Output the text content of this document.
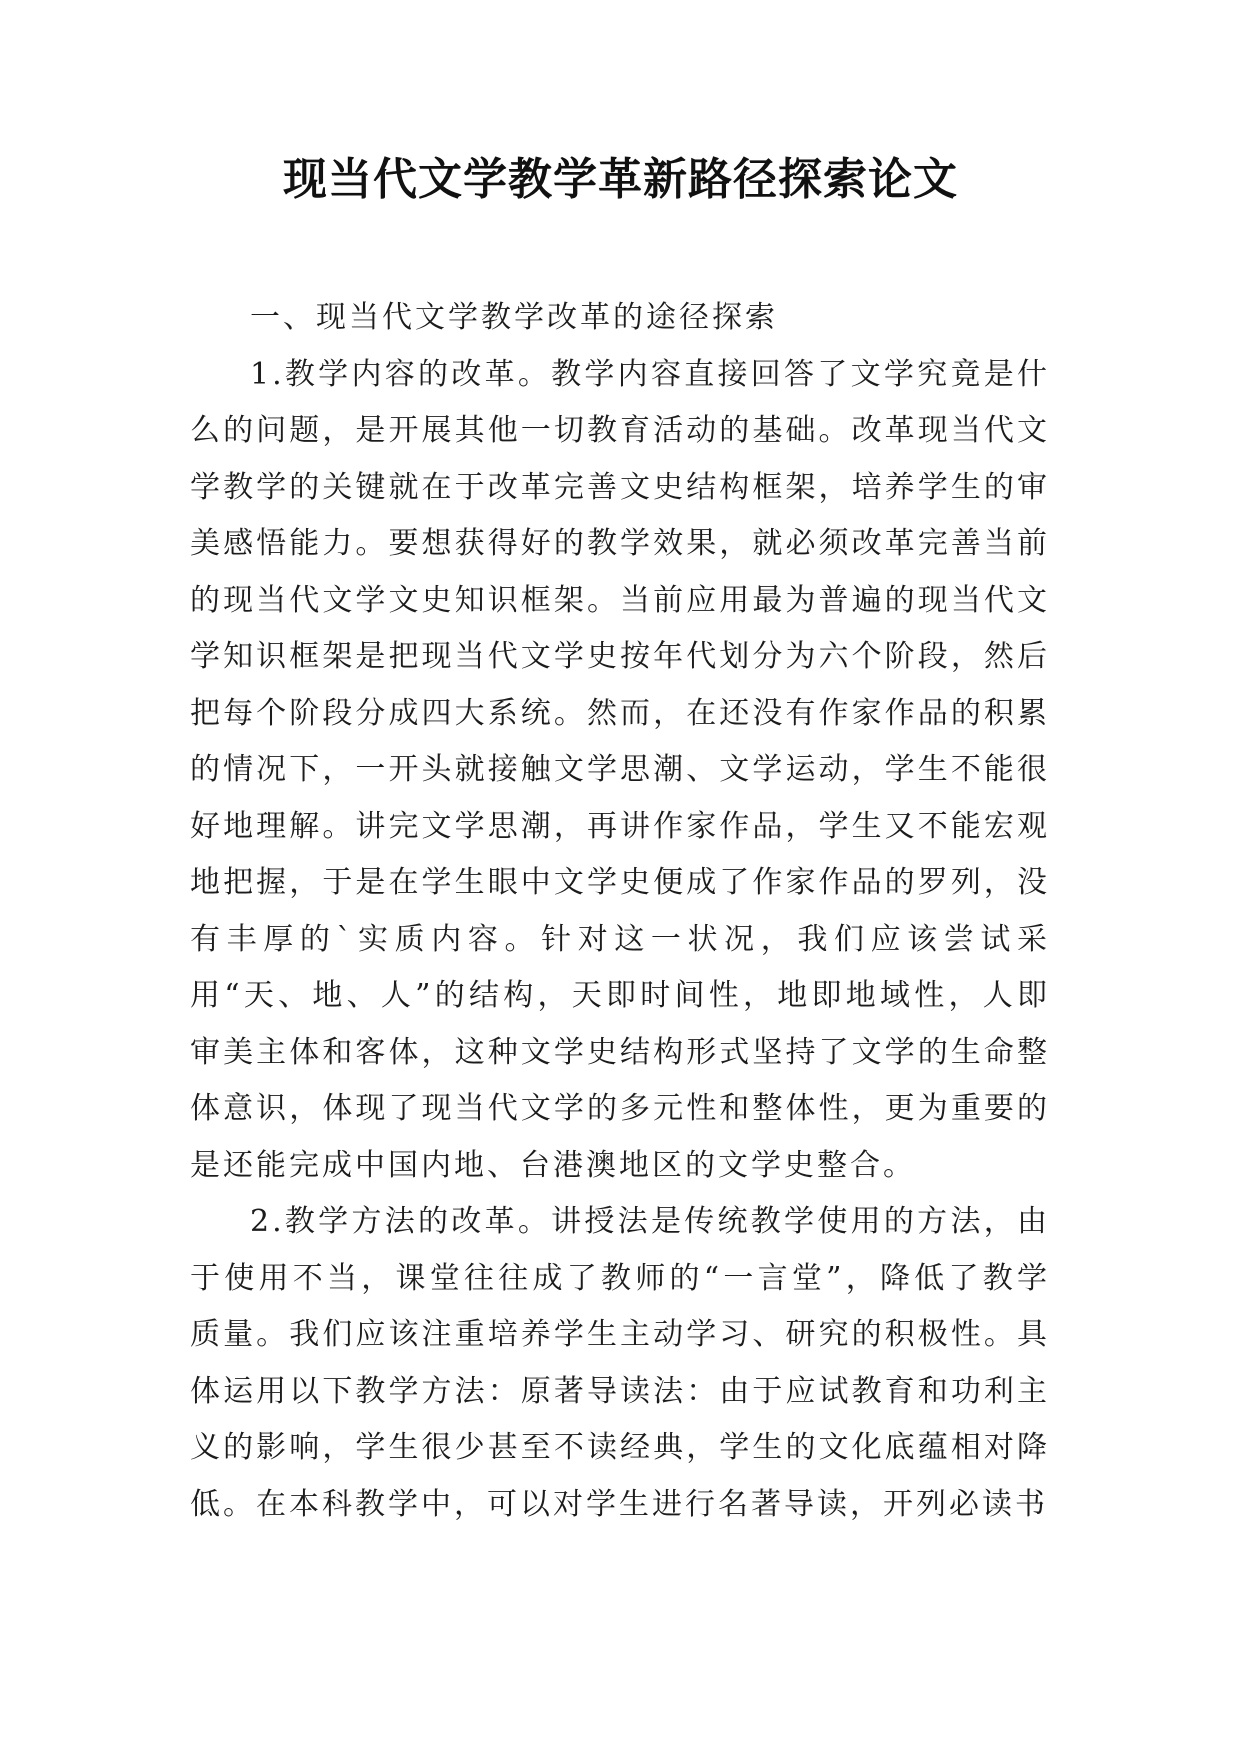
现当代文学教学革新路径探索论文

一、现当代文学教学改革的途径探索

1.教学内容的改革。教学内容直接回答了文学究竟是什么的问题，是开展其他一切教育活动的基础。改革现当代文学教学的关键就在于改革完善文史结构框架，培养学生的审美感悟能力。要想获得好的教学效果，就必须改革完善当前的现当代文学文史知识框架。当前应用最为普遍的现当代文学知识框架是把现当代文学史按年代划分为六个阶段，然后把每个阶段分成四大系统。然而，在还没有作家作品的积累的情况下，一开头就接触文学思潮、文学运动，学生不能很好地理解。讲完文学思潮，再讲作家作品，学生又不能宏观地把握，于是在学生眼中文学史便成了作家作品的罗列，没有丰厚的`实质内容。针对这一状况，我们应该尝试采用“天、地、人”的结构，天即时间性，地即地域性，人即审美主体和客体，这种文学史结构形式坚持了文学的生命整体意识，体现了现当代文学的多元性和整体性，更为重要的是还能完成中国内地、台港澳地区的文学史整合。

2.教学方法的改革。讲授法是传统教学使用的方法，由于使用不当，课堂往往成了教师的“一言堂”，降低了教学质量。我们应该注重培养学生主动学习、研究的积极性。具体运用以下教学方法：原著导读法：由于应试教育和功利主义的影响，学生很少甚至不读经典，学生的文化底蕴相对降低。在本科教学中，可以对学生进行名著导读，开列必读书
